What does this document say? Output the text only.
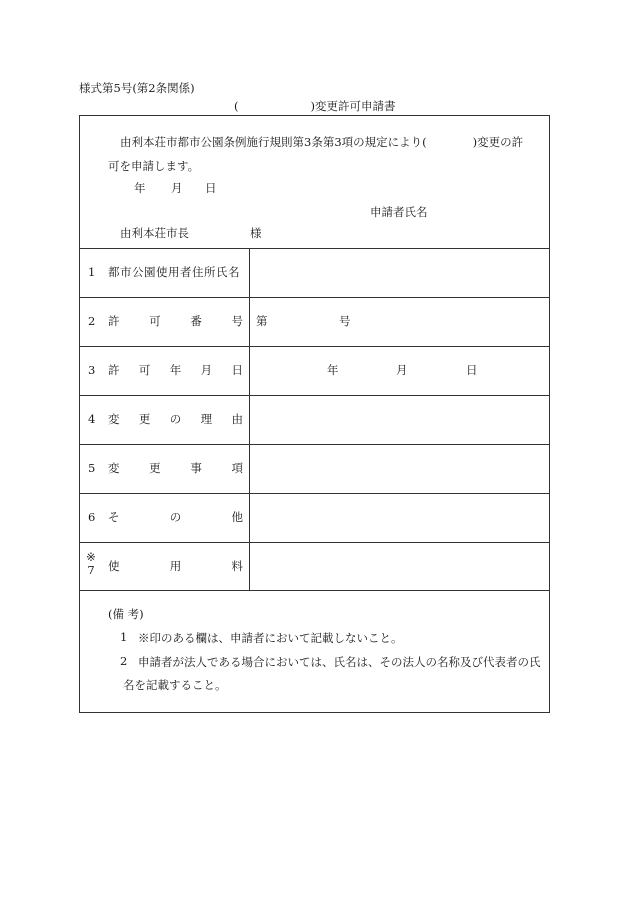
様式第5号(第2条関係)
(	)変更許可申請書
由利本荘市都市公園条例施行規則第3条第3項の規定により(	)変更の許
可を申請します。
年 月 日
申請者氏名
由利本荘市長	様
1 都市公園使用者住所氏名
2 許	可	番	号 第	号
3 許 可 年 月 日	年	月	日
4 変 更 の 理 由
5 変	更	事	項
6 そ	の	他
※
7 使	用	料
(備 考)
1 ※印のある欄は、申請者において記載しないこと。
2 申請者が法人である場合においては、氏名は、その法人の名称及び代表者の氏
名を記載すること。
